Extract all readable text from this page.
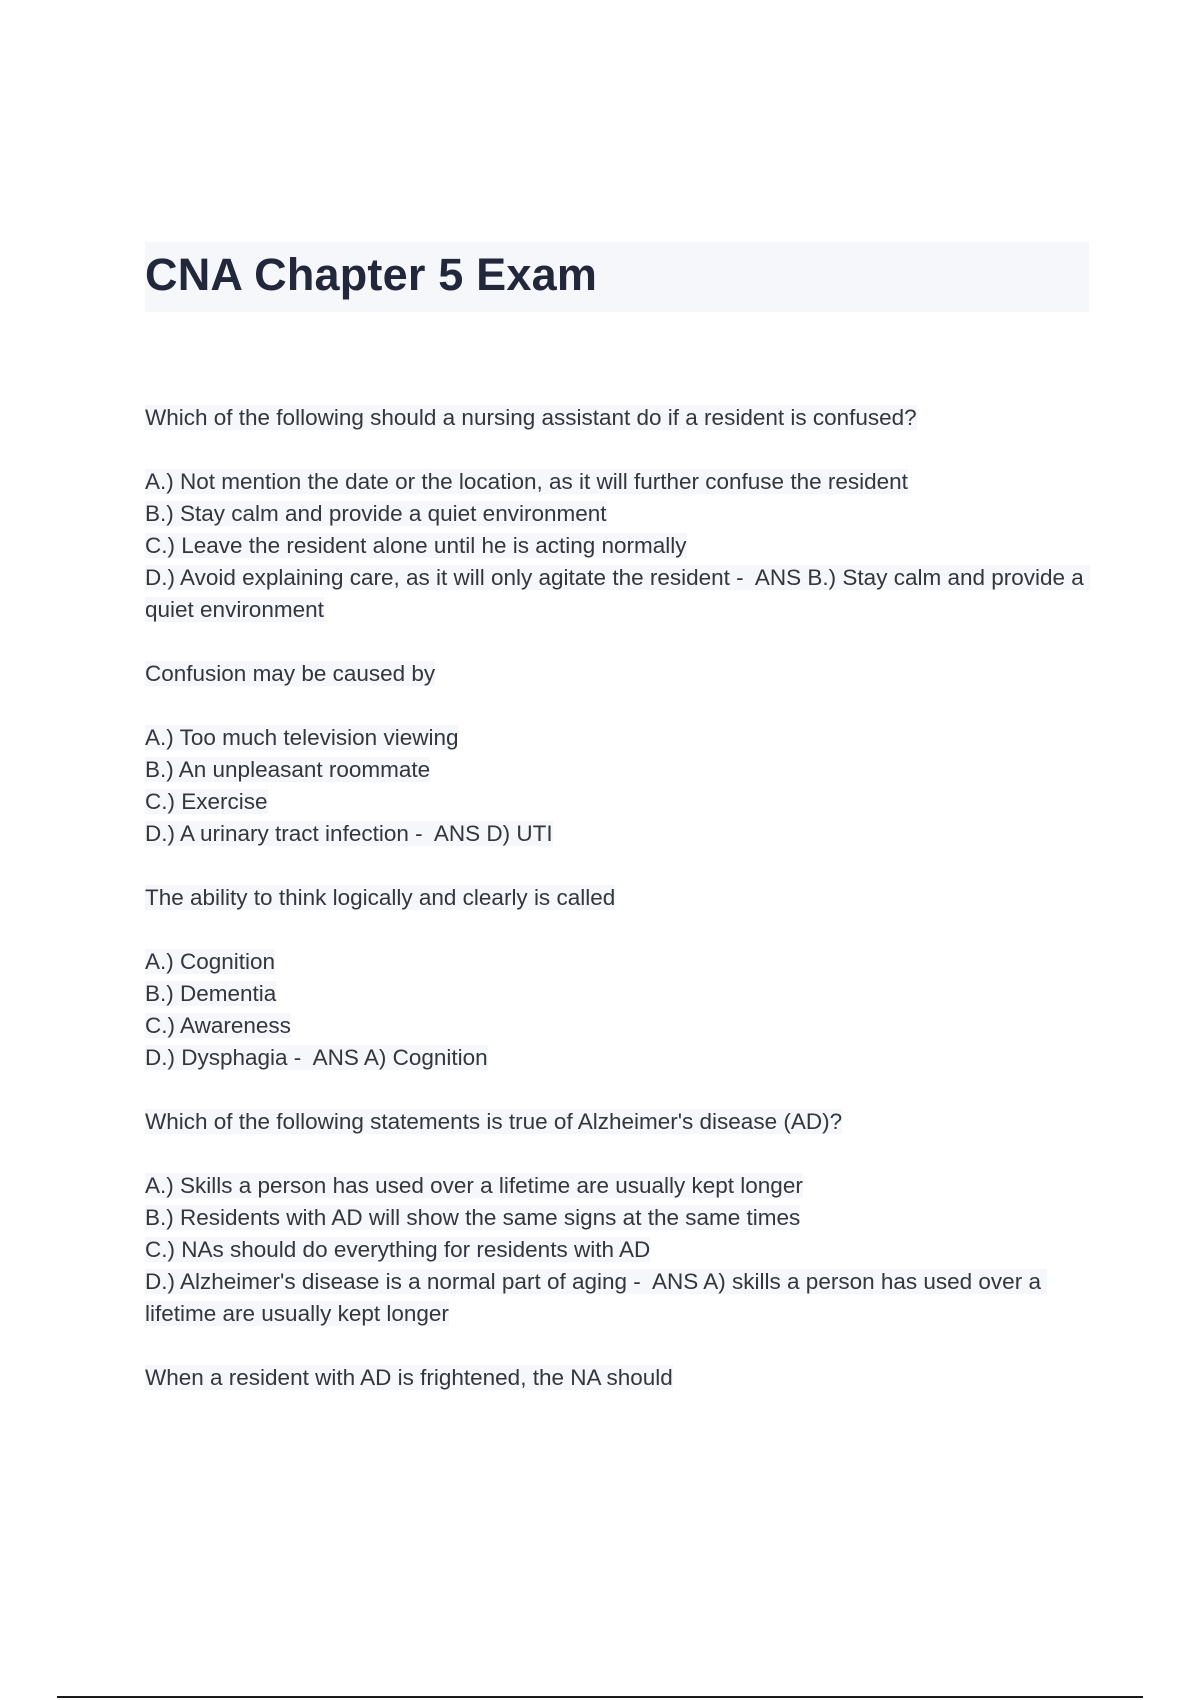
CNA Chapter 5 Exam
Which of the following should a nursing assistant do if a resident is confused?
A.) Not mention the date or the location, as it will further confuse the resident
B.) Stay calm and provide a quiet environment
C.) Leave the resident alone until he is acting normally
D.) Avoid explaining care, as it will only agitate the resident -  ANS B.) Stay calm and provide a quiet environment
Confusion may be caused by
A.) Too much television viewing
B.) An unpleasant roommate
C.) Exercise
D.) A urinary tract infection -  ANS D) UTI
The ability to think logically and clearly is called
A.) Cognition
B.) Dementia
C.) Awareness
D.) Dysphagia -  ANS A) Cognition
Which of the following statements is true of Alzheimer's disease (AD)?
A.) Skills a person has used over a lifetime are usually kept longer
B.) Residents with AD will show the same signs at the same times
C.) NAs should do everything for residents with AD
D.) Alzheimer's disease is a normal part of aging -  ANS A) skills a person has used over a lifetime are usually kept longer
When a resident with AD is frightened, the NA should
